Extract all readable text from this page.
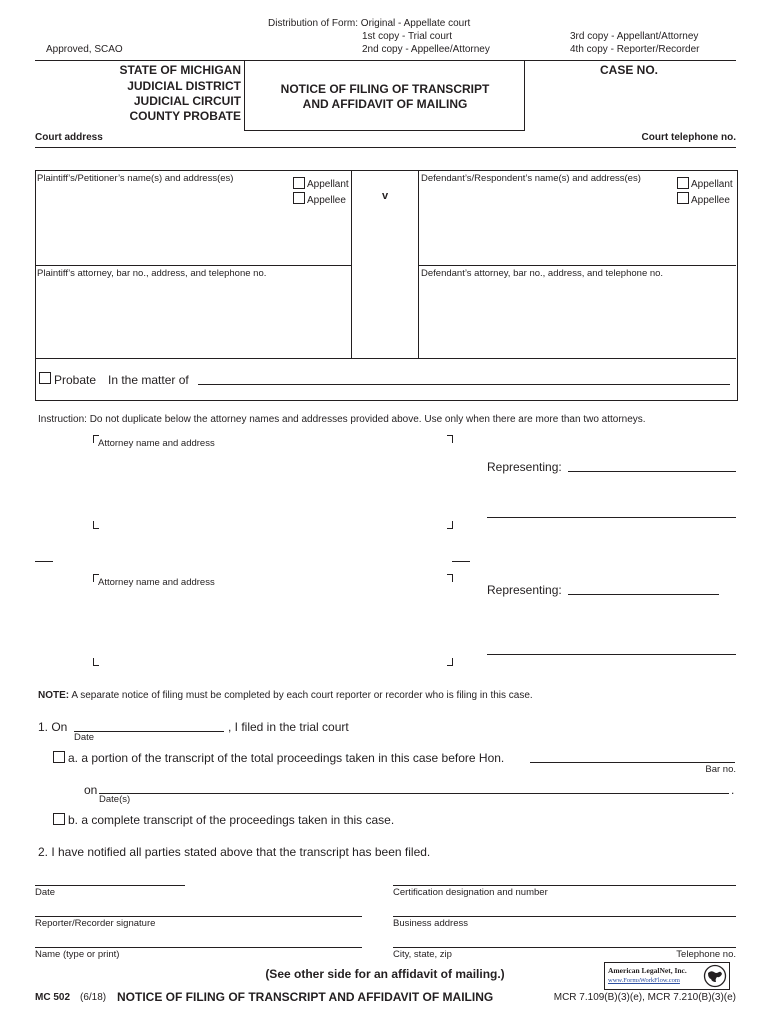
Approved, SCAO
Distribution of Form: Original - Appellate court
1st copy - Trial court
2nd copy - Appellee/Attorney
3rd copy - Appellant/Attorney
4th copy - Reporter/Recorder
STATE OF MICHIGAN
JUDICIAL DISTRICT
JUDICIAL CIRCUIT
COUNTY PROBATE
NOTICE OF FILING OF TRANSCRIPT
AND AFFIDAVIT OF MAILING
CASE NO.
Court address	Court telephone no.
Plaintiff’s/Petitioner’s name(s) and address(es)
Appellant
Appellee	v
Defendant’s/Respondent’s name(s) and address(es)
Appellant
Appellee
Plaintiff’s attorney, bar no., address, and telephone no.	Defendant’s attorney, bar no., address, and telephone no.
Probate In the matter of
Instruction: Do not duplicate below the attorney names and addresses provided above. Use only when there are more than two attorneys.
Attorney name and address
Representing:
Attorney name and address
Representing:
NOTE: A separate notice of filing must be completed by each court reporter or recorder who is filing in this case.
1. On	, I filed in the trial court
Date
a. a portion of the transcript of the total proceedings taken in this case before Hon.
Bar no.
on	.
Date(s)
b. a complete transcript of the proceedings taken in this case.
2. I have notified all parties stated above that the transcript has been filed.
Date	Certification designation and number
Reporter/Recorder signature	Business address
Name (type or print)	City, state, zip	Telephone no.
(See other side for an affidavit of mailing.)	American LegalNet, Inc.
www.FormsWorkFlow.com
MC 502 (6/18) NOTICE OF FILING OF TRANSCRIPT AND AFFIDAVIT OF MAILING	MCR 7.109(B)(3)(e), MCR 7.210(B)(3)(e)
